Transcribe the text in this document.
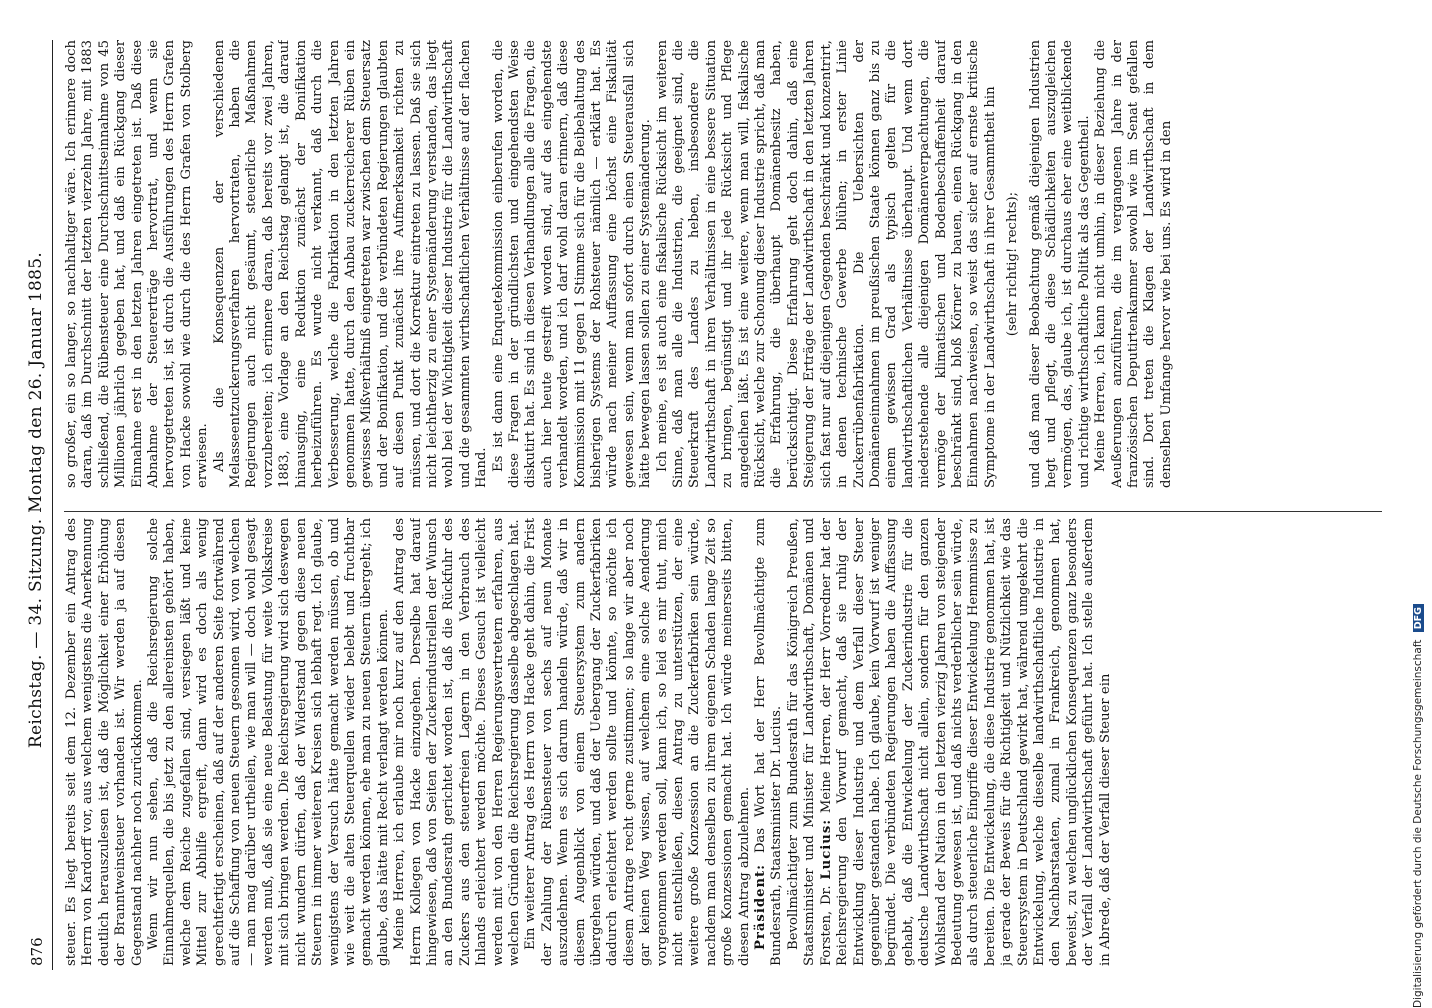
876
Reichstag. — 34. Sitzung. Montag den 26. Januar 1885. steuer. Es liegt bereits seit dem 12. Dezember ein Antrag des Herrn von Kardorff vor, aus welchem wenigstens die Anerkennung deutlich herauszulesen ist, daß die Möglichkeit einer Erhöhung der Branntweinsteuer vorhanden ist. Wir werden ja auf diesen Gegenstand nachher noch zurückkommen. Wenn wir nun sehen, daß die Reichsregierung solche Einnahmequellen, die bis jetzt zu den allereinsten gehört haben, welche dem Reiche zugefallen sind, versiegen läßt und keine Mittel zur Abhilfe ergreift, dann wird es doch als wenig gerechtfertigt erscheinen, daß auf der anderen Seite fortwährend auf die Schaffung von neuen Steuern gesonnen wird, von welchen — man mag darüber urtheilen, wie man will — doch wohl gesagt werden muß, daß sie eine neue Belastung für weite Volkskreise mit sich bringen werden. Die Reichsregierung wird sich deswegen nicht wundern dürfen, daß der Widerstand gegen diese neuen Steuern in immer weiteren Kreisen sich lebhaft regt. Ich glaube, wenigstens der Versuch hätte gemacht werden müssen, ob und wie weit die alten Steuerquellen wieder belebt und fruchtbar gemacht werden können, ehe man zu neuen Steuern übergeht; ich glaube, das hätte mit Recht verlangt werden können. Meine Herren, ich erlaube mir noch kurz auf den Antrag des Herrn Kollegen von Hacke einzugehen. Derselbe hat darauf hingewiesen, daß von Seiten der Zuckerindustriellen der Wunsch an den Bundesrath gerichtet worden ist, daß die Rückfuhr des Zuckers aus den steuerfreien Lagern in den Verbrauch des Inlands erleichtert werden möchte. Dieses Gesuch ist vielleicht werden mit von den Herren Regierungsvertretern erfahren, aus welchen Gründen die Reichsregierung dasselbe abgeschlagen hat. Ein weiterer Antrag des Herrn von Hacke geht dahin, die Frist der Zahlung der Rübensteuer von sechs auf neun Monate auszudehnen. Wenn es sich darum handeln würde, daß wir in diesem Augenblick von einem Steuersystem zum andern übergehen würden, und daß der Uebergang der Zuckerfabriken dadurch erleichtert werden sollte und könnte, so möchte ich diesem Antrage recht gerne zustimmen; so lange wir aber noch gar keinen Weg wissen, auf welchem eine solche Aenderung vorgenommen werden soll, kann ich, so leid es mir thut, mich nicht entschließen, diesen Antrag zu unterstützen, der eine weitere große Konzession an die Zuckerfabriken sein würde, nachdem man denselben zu ihrem eigenen Schaden lange Zeit so große Konzessionen gemacht hat. Ich würde meinerseits bitten, diesen Antrag abzulehnen. Präsident: Das Wort hat der Herr Bevollmächtigte zum Bundesrath, Staatsminister Dr. Lucius. Bevollmächtigter zum Bundesrath für das Königreich Preußen, Staatsminister und Minister für Landwirthschaft, Domänen und Forsten, Dr. Lucius: Meine Herren, der Herr Vorredner hat der Reichsregierung den Vorwurf gemacht, daß sie ruhig der Entwicklung dieser Industrie und dem Verfall dieser Steuer gegenüber gestanden habe. Ich glaube, kein Vorwurf ist weniger begründet. Die verbündeten Regierungen haben die Auffassung gehabt, daß die Entwickelung der Zuckerindustrie für die deutsche Landwirthschaft nicht allein, sondern für den ganzen Wohlstand der Nation in den letzten vierzig Jahren von steigender Bedeutung gewesen ist, und daß nichts verderblicher sein würde, als durch steuerliche Eingriffe dieser Entwickelung Hemmnisse zu bereiten. Die Entwickelung, die diese Industrie genommen hat, ist ja gerade der Beweis für die Richtigkeit und Nützlichkeit wie das Steuersystem in Deutschland gewirkt hat, während umgekehrt die Entwickelung, welche dieselbe landwirthschaftliche Industrie in den Nachbarstaaten, zumal in Frankreich, genommen hat, beweist, zu welchen unglücklichen Konsequenzen ganz besonders der Verfall der Landwirthschaft geführt hat. Ich stelle außerdem in Abrede, daß der Verfall dieser Steuer ein

so großer, ein so langer, so nachhaltiger wäre. Ich erinnere doch daran, daß im Durchschnitt der letzten vierzehn Jahre, mit 1883 schließend, die Rübensteuer eine Durchschnittseinnahme von 45 Millionen jährlich gegeben hat, und daß ein Rückgang dieser Einnahme erst in den letzten Jahren eingetreten ist. Daß diese Abnahme der Steuererträge hervortrat, und wenn sie hervorgetreten ist, ist durch die Ausführungen des Herrn Grafen von Hacke sowohl wie durch die des Herrn Grafen von Stolberg erwiesen. Als die Konsequenzen der verschiedenen Melasseentzuckerungsverfahren hervortraten, haben die Regierungen auch nicht gesäumt, steuerliche Maßnahmen vorzubereiten; ich erinnere daran, daß bereits vor zwei Jahren, 1883, eine Vorlage an den Reichstag gelangt ist, die darauf hinausging, eine Reduktion zunächst der Bonifikation herbeizuführen. Es wurde nicht verkannt, daß durch die Verbesserung, welche die Fabrikation in den letzten Jahren genommen hatte, durch den Anbau zuckerreicherer Rüben ein gewisses Mißverhältniß eingetreten war zwischen dem Steuersatz und der Bonifikation, und die verbündeten Regierungen glaubten auf diesen Punkt zunächst ihre Aufmerksamkeit richten zu müssen, und dort die Korrektur eintreten zu lassen. Daß sie sich nicht leichtherzig zu einer Systemänderung verstanden, das liegt wohl bei der Wichtigkeit dieser Industrie für die Landwirthschaft und die gesammten wirthschaftlichen Verhältnisse auf der flachen Hand. Es ist dann eine Enquetekommission einberufen worden, die diese Fragen in der gründlichsten und eingehendsten Weise diskutirt hat. Es sind in diesen Verhandlungen alle die Fragen, die auch hier heute gestreift worden sind, auf das eingehendste verhandelt worden, und ich darf wohl daran erinnern, daß diese Kommission mit 11 gegen 1 Stimme sich für die Beibehaltung des bisherigen Systems der Rohsteuer nämlich — erklärt hat. Es würde nach meiner Auffassung eine höchst eine Fiskalität gewesen sein, wenn man sofort durch einen Steuerausfall sich hätte bewegen lassen sollen zu einer Systemänderung. Ich meine, es ist auch eine fiskalische Rücksicht im weiteren Sinne, daß man alle die Industrien, die geeignet sind, die Steuerkraft des Landes zu heben, insbesondere die Landwirthschaft in ihren Verhältnissen in eine bessere Situation zu bringen, begünstigt und ihr jede Rücksicht und Pflege angedeihen läßt. Es ist eine weitere, wenn man will, fiskalische Rücksicht, welche zur Schonung dieser Industrie spricht, daß man die Erfahrung, die überhaupt Domänenbesitz haben, berücksichtigt. Diese Erfahrung geht doch dahin, daß eine Steigerung der Erträge der Landwirthschaft in den letzten Jahren sich fast nur auf diejenigen Gegenden beschränkt und konzentrirt, in denen technische Gewerbe blühen; in erster Linie Zuckerrübenfabrikation. Die Uebersichten der Domäneneinnahmen im preußischen Staate können ganz bis zu einem gewissen Grad als typisch gelten für die landwirthschaftlichen Verhältnisse überhaupt. Und wenn dort niederstehende alle diejenigen Domänenverpachtungen, die vermöge der klimatischen und Bodenbeschaffenheit darauf beschränkt sind, bloß Körner zu bauen, einen Rückgang in den Einnahmen nachweisen, so weist das sicher auf ernste kritische Symptome in der Landwirthschaft in ihrer Gesammtheit hin (sehr richtig! rechts); und daß man dieser Beobachtung gemäß diejenigen Industrien hegt und pflegt, die diese Schädlichkeiten auszugleichen vermögen, das, glaube ich, ist durchaus eher eine weitblickende und richtige wirthschaftliche Politik als das Gegentheil. Meine Herren, ich kann nicht umhin, in dieser Beziehung die Aeußerungen anzuführen, die im vergangenen Jahre in der französischen Deputirtenkammer sowohl wie im Senat gefallen sind. Dort treten die Klagen der Landwirthschaft in dem denselben Umfange hervor wie bei uns. Es wird in den

Digitalisierung gefördert durch die Deutsche Forschungsgemeinschaft DFG
